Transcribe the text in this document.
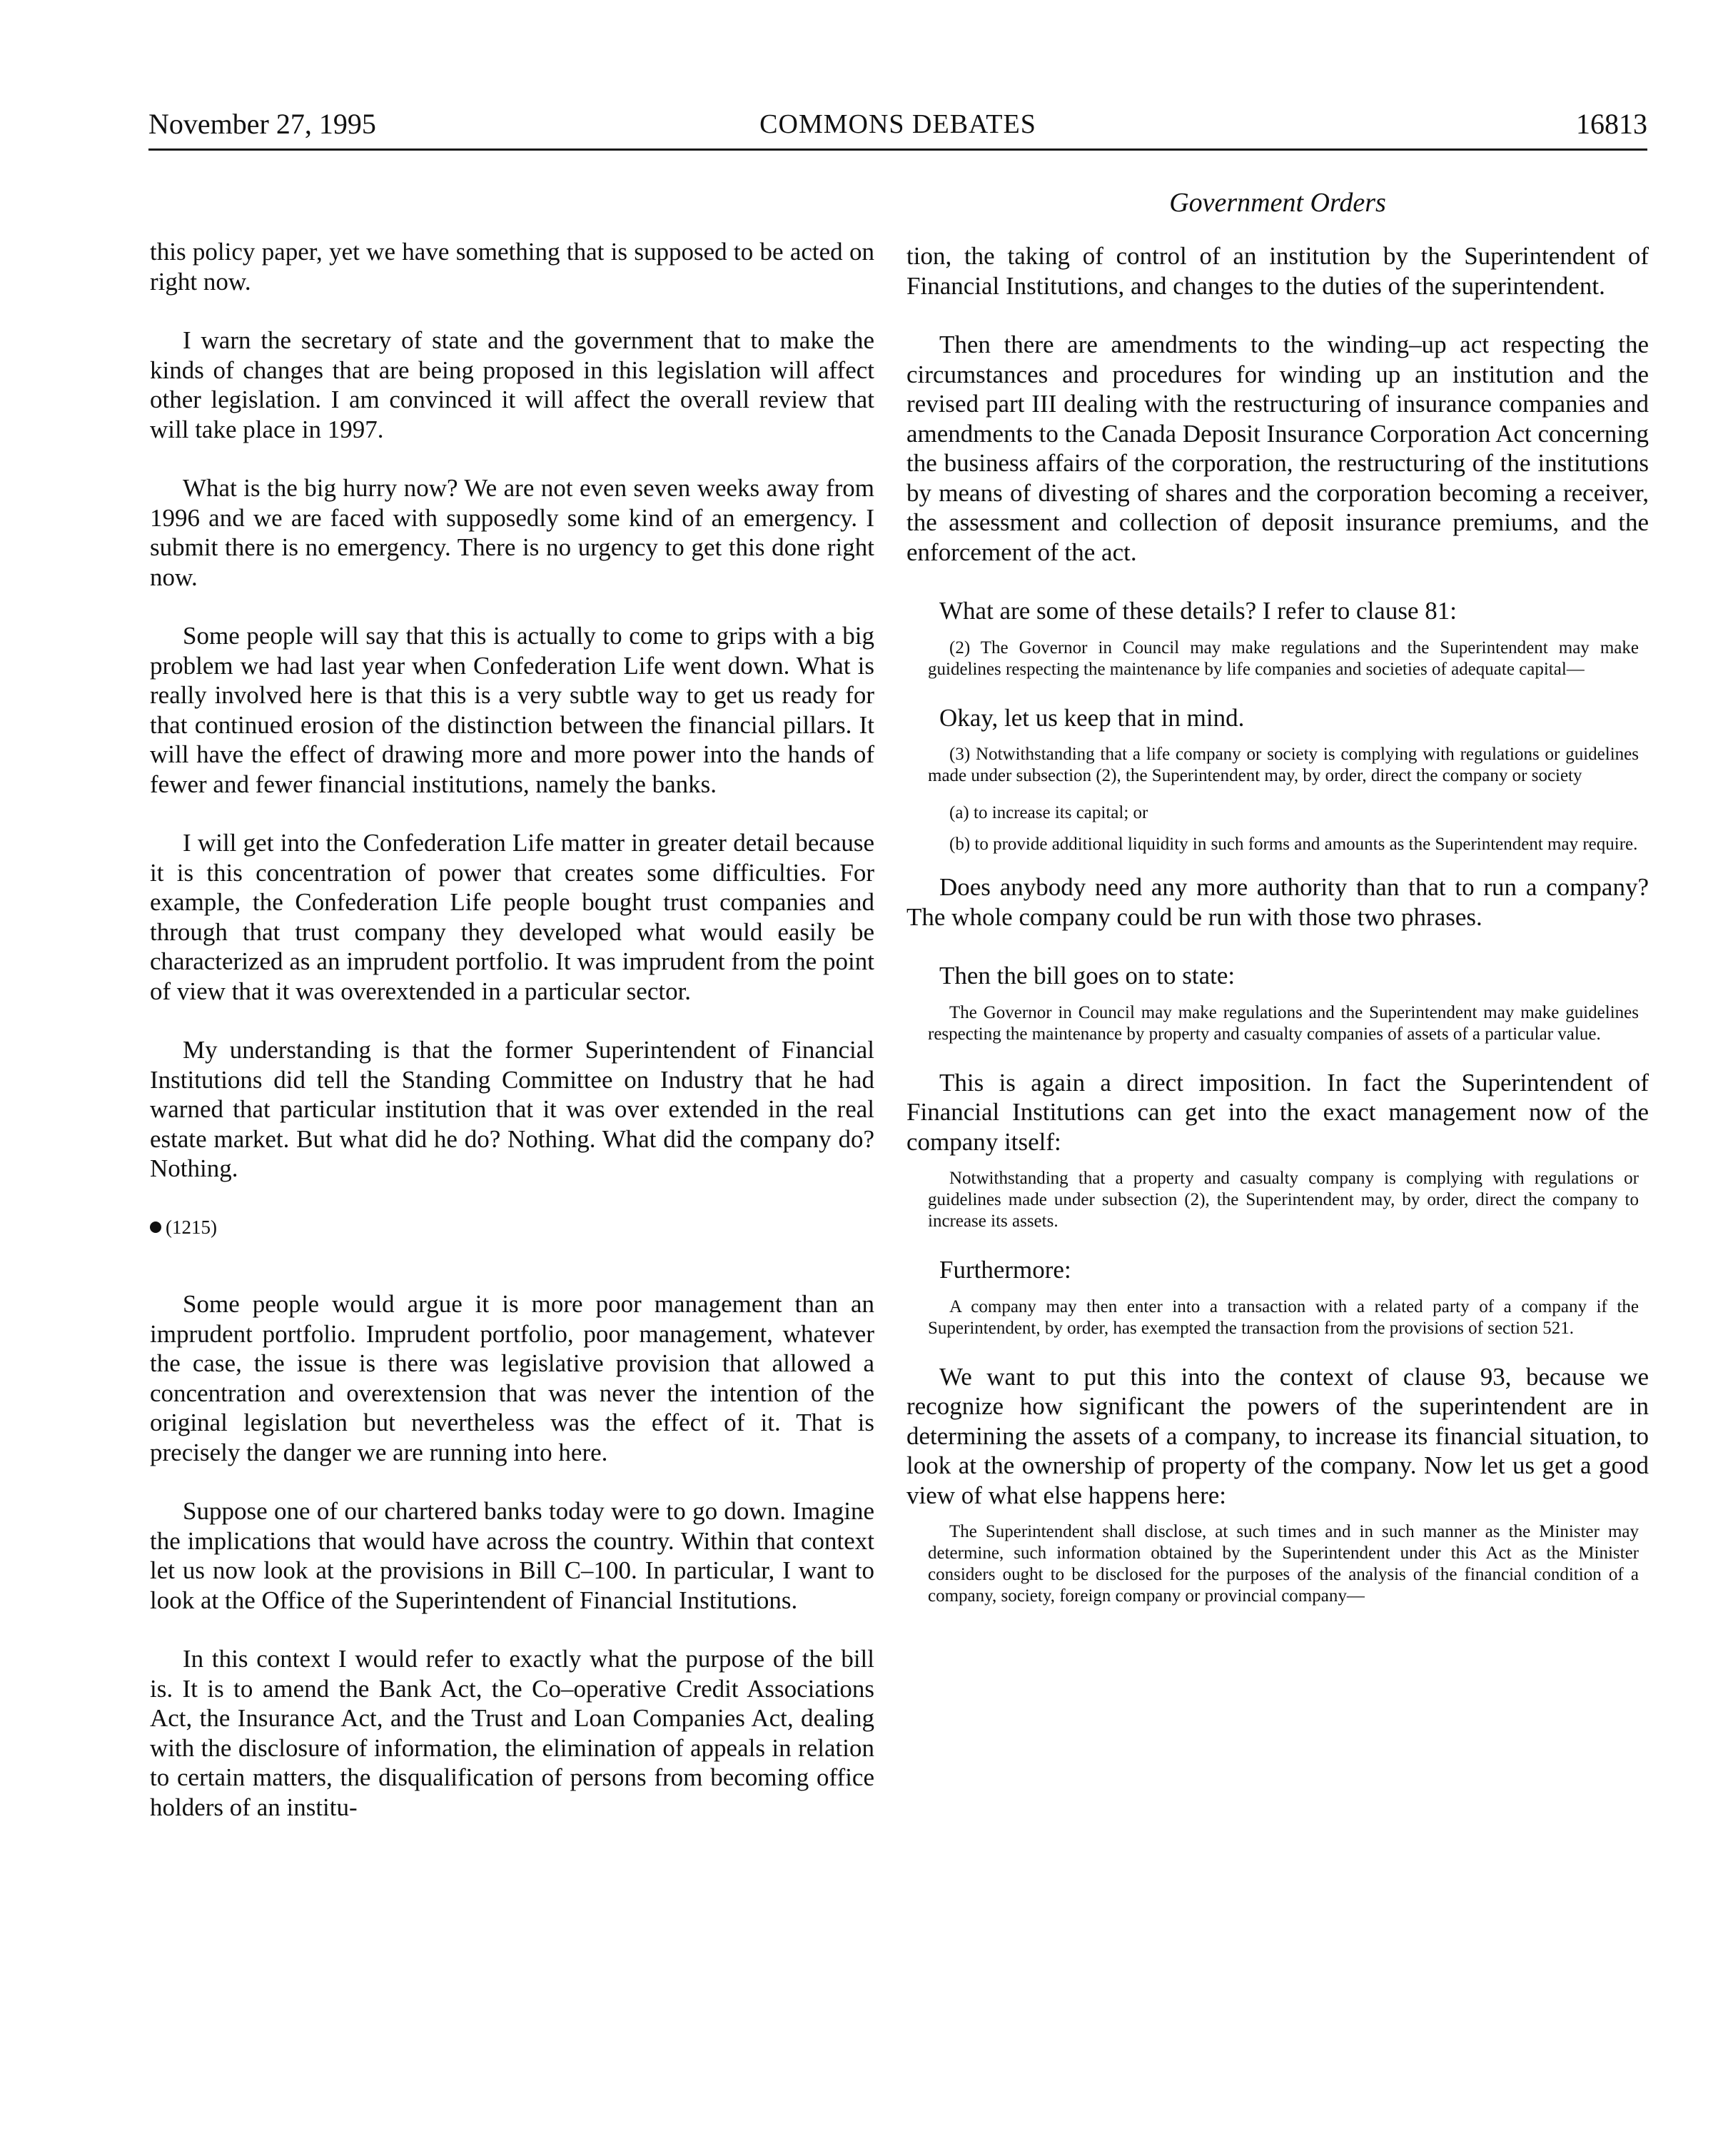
November 27, 1995	COMMONS DEBATES	16813
Government Orders

this policy paper, yet we have something that is supposed to be acted on right now.

I warn the secretary of state and the government that to make the kinds of changes that are being proposed in this legislation will affect other legislation. I am convinced it will affect the overall review that will take place in 1997.

What is the big hurry now? We are not even seven weeks away from 1996 and we are faced with supposedly some kind of an emergency. I submit there is no emergency. There is no urgency to get this done right now.

Some people will say that this is actually to come to grips with a big problem we had last year when Confederation Life went down. What is really involved here is that this is a very subtle way to get us ready for that continued erosion of the distinction between the financial pillars. It will have the effect of drawing more and more power into the hands of fewer and fewer financial institutions, namely the banks.

I will get into the Confederation Life matter in greater detail because it is this concentration of power that creates some difficulties. For example, the Confederation Life people bought trust companies and through that trust company they developed what would easily be characterized as an imprudent portfolio. It was imprudent from the point of view that it was overextended in a particular sector.

My understanding is that the former Superintendent of Financial Institutions did tell the Standing Committee on Industry that he had warned that particular institution that it was over extended in the real estate market. But what did he do? Nothing. What did the company do? Nothing.

(1215)

Some people would argue it is more poor management than an imprudent portfolio. Imprudent portfolio, poor management, whatever the case, the issue is there was legislative provision that allowed a concentration and overextension that was never the intention of the original legislation but nevertheless was the effect of it. That is precisely the danger we are running into here.

Suppose one of our chartered banks today were to go down. Imagine the implications that would have across the country. Within that context let us now look at the provisions in Bill C–100. In particular, I want to look at the Office of the Superintendent of Financial Institutions.

In this context I would refer to exactly what the purpose of the bill is. It is to amend the Bank Act, the Co–operative Credit Associations Act, the Insurance Act, and the Trust and Loan Companies Act, dealing with the disclosure of information, the elimination of appeals in relation to certain matters, the disqualification of persons from becoming office holders of an institu-

tion, the taking of control of an institution by the Superintendent of Financial Institutions, and changes to the duties of the superintendent.

Then there are amendments to the winding–up act respecting the circumstances and procedures for winding up an institution and the revised part III dealing with the restructuring of insurance companies and amendments to the Canada Deposit Insurance Corporation Act concerning the business affairs of the corporation, the restructuring of the institutions by means of divesting of shares and the corporation becoming a receiver, the assessment and collection of deposit insurance premiums, and the enforcement of the act.

What are some of these details? I refer to clause 81:

(2) The Governor in Council may make regulations and the Superintendent may make guidelines respecting the maintenance by life companies and societies of adequate capital—

Okay, let us keep that in mind.

(3) Notwithstanding that a life company or society is complying with regulations or guidelines made under subsection (2), the Superintendent may, by order, direct the company or society
(a) to increase its capital; or
(b) to provide additional liquidity in such forms and amounts as the Superintendent may require.

Does anybody need any more authority than that to run a company? The whole company could be run with those two phrases.

Then the bill goes on to state:

The Governor in Council may make regulations and the Superintendent may make guidelines respecting the maintenance by property and casualty companies of assets of a particular value.

This is again a direct imposition. In fact the Superintendent of Financial Institutions can get into the exact management now of the company itself:

Notwithstanding that a property and casualty company is complying with regulations or guidelines made under subsection (2), the Superintendent may, by order, direct the company to increase its assets.

Furthermore:

A company may then enter into a transaction with a related party of a company if the Superintendent, by order, has exempted the transaction from the provisions of section 521.

We want to put this into the context of clause 93, because we recognize how significant the powers of the superintendent are in determining the assets of a company, to increase its financial situation, to look at the ownership of property of the company. Now let us get a good view of what else happens here:

The Superintendent shall disclose, at such times and in such manner as the Minister may determine, such information obtained by the Superintendent under this Act as the Minister considers ought to be disclosed for the purposes of the analysis of the financial condition of a company, society, foreign company or provincial company—
